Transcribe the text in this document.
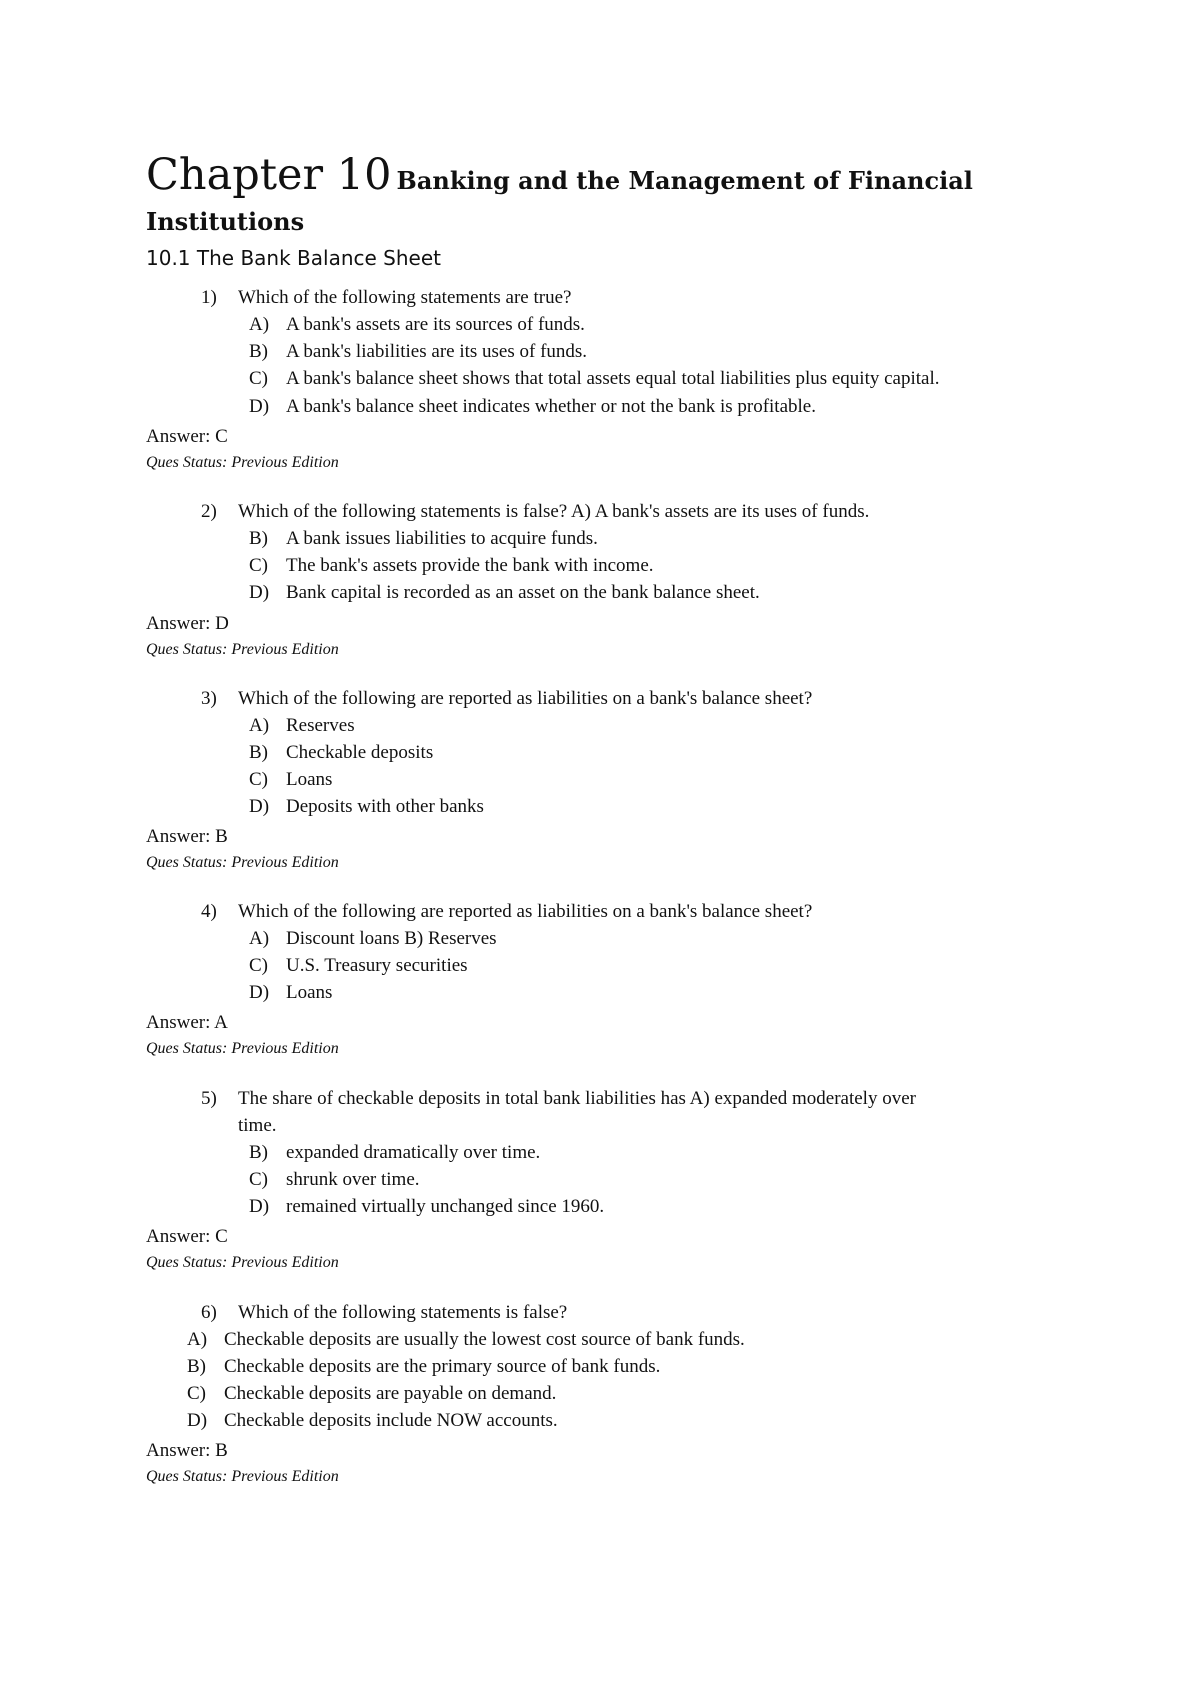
Chapter 10 Banking and the Management of Financial
Institutions
10.1 The Bank Balance Sheet
1) Which of the following statements are true?
A) A bank's assets are its sources of funds.
B) A bank's liabilities are its uses of funds.
C) A bank's balance sheet shows that total assets equal total liabilities plus equity capital.
D) A bank's balance sheet indicates whether or not the bank is profitable.
Answer: C
Ques Status: Previous Edition
2) Which of the following statements is false? A) A bank's assets are its uses of funds.
B) A bank issues liabilities to acquire funds.
C) The bank's assets provide the bank with income.
D) Bank capital is recorded as an asset on the bank balance sheet.
Answer: D
Ques Status: Previous Edition
3) Which of the following are reported as liabilities on a bank's balance sheet?
A) Reserves
B) Checkable deposits
C) Loans
D) Deposits with other banks
Answer: B
Ques Status: Previous Edition
4) Which of the following are reported as liabilities on a bank's balance sheet?
A) Discount loans B) Reserves
C) U.S. Treasury securities
D) Loans
Answer: A
Ques Status: Previous Edition
5) The share of checkable deposits in total bank liabilities has A) expanded moderately over
time.
B) expanded dramatically over time.
C) shrunk over time.
D) remained virtually unchanged since 1960.
Answer: C
Ques Status: Previous Edition
6) Which of the following statements is false?
A) Checkable deposits are usually the lowest cost source of bank funds.
B) Checkable deposits are the primary source of bank funds.
C) Checkable deposits are payable on demand.
D) Checkable deposits include NOW accounts.
Answer: B
Ques Status: Previous Edition
